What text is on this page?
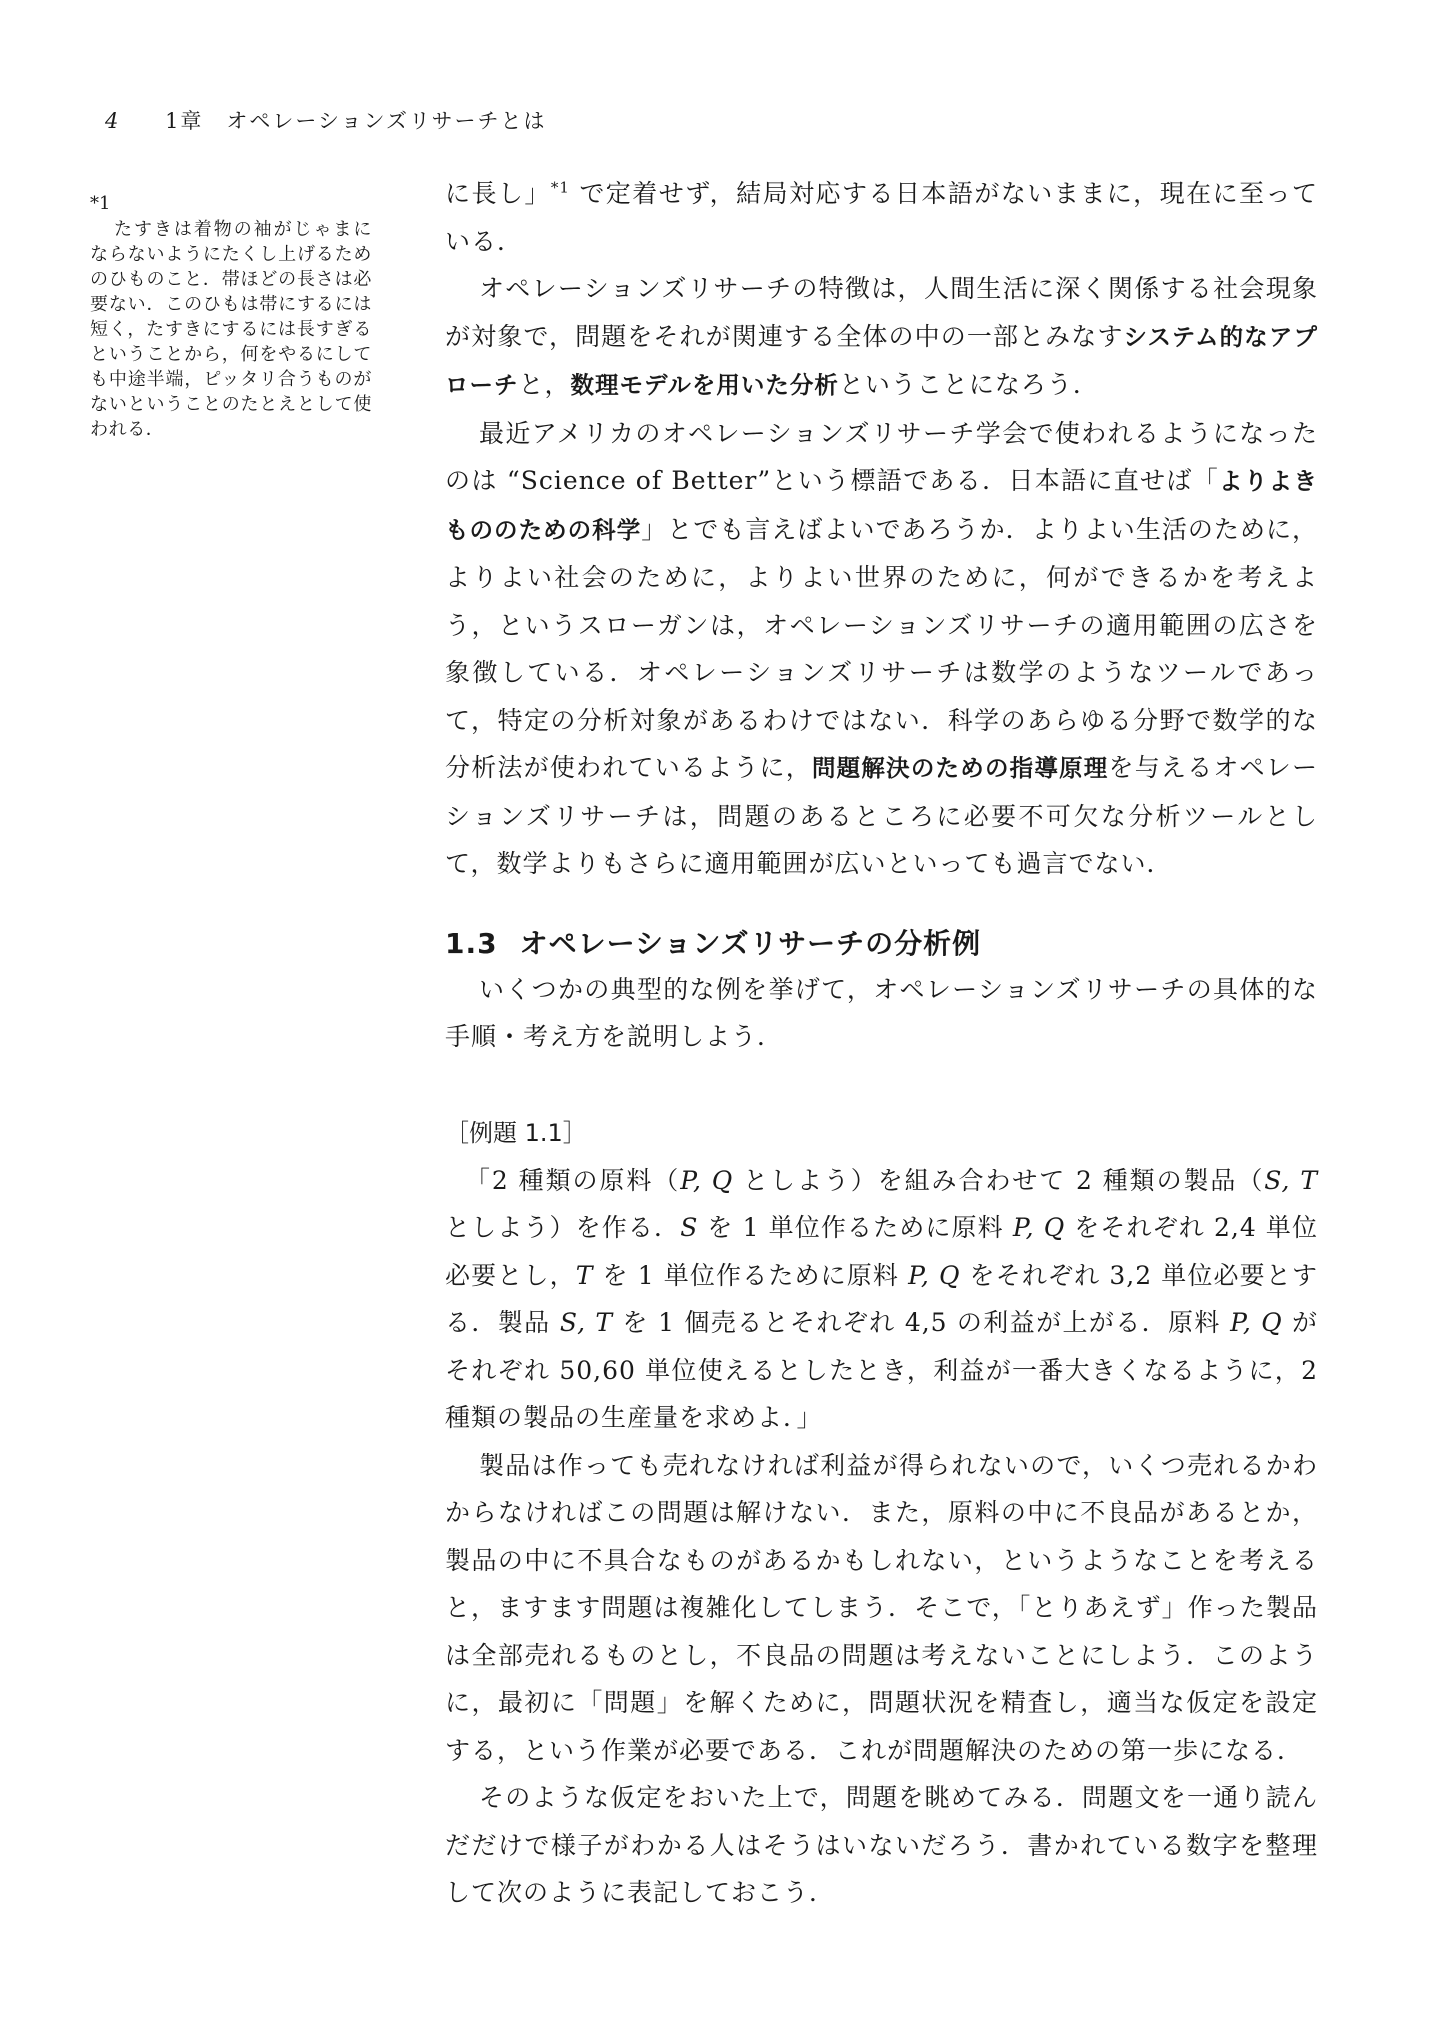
4 1章　オペレーションズリサーチとは
*1
たすきは着物の袖がじゃまにならないようにたくし上げるためのひものこと．帯ほどの長さは必要ない．このひもは帯にするには短く，たすきにするには長すぎるということから，何をやるにしても中途半端，ピッタリ合うものがないということのたとえとして使われる．

に長し」$^{*1}$ で定着せず，結局対応する日本語がないままに，現在に至っている．

オペレーションズリサーチの特徴は，人間生活に深く関係する社会現象が対象で，問題をそれが関連する全体の中の一部とみなすシステム的なアプローチと，数理モデルを用いた分析ということになろう．

最近アメリカのオペレーションズリサーチ学会で使われるようになったのは “Science of Better”という標語である．日本語に直せば「よりよきもののための科学」とでも言えばよいであろうか．よりよい生活のために，よりよい社会のために，よりよい世界のために，何ができるかを考えよう，というスローガンは，オペレーションズリサーチの適用範囲の広さを象徴している．オペレーションズリサーチは数学のようなツールであって，特定の分析対象があるわけではない．科学のあらゆる分野で数学的な分析法が使われているように，問題解決のための指導原理を与えるオペレーションズリサーチは，問題のあるところに必要不可欠な分析ツールとして，数学よりもさらに適用範囲が広いといっても過言でない．

1.3 オペレーションズリサーチの分析例

いくつかの典型的な例を挙げて，オペレーションズリサーチの具体的な手順・考え方を説明しよう．

［例題 1.1］

「2 種類の原料（P, Q としよう）を組み合わせて 2 種類の製品（S, T としよう）を作る．S を 1 単位作るために原料 P, Q をそれぞれ 2,4 単位必要とし，T を 1 単位作るために原料 P, Q をそれぞれ 3,2 単位必要とする．製品 S, T を 1 個売るとそれぞれ 4,5 の利益が上がる．原料 P, Q がそれぞれ 50,60 単位使えるとしたとき，利益が一番大きくなるように，2 種類の製品の生産量を求めよ．」

製品は作っても売れなければ利益が得られないので，いくつ売れるかわからなければこの問題は解けない．また，原料の中に不良品があるとか，製品の中に不具合なものがあるかもしれない，というようなことを考えると，ますます問題は複雑化してしまう．そこで，「とりあえず」作った製品は全部売れるものとし，不良品の問題は考えないことにしよう．このように，最初に「問題」を解くために，問題状況を精査し，適当な仮定を設定する，という作業が必要である．これが問題解決のための第一歩になる．

そのような仮定をおいた上で，問題を眺めてみる．問題文を一通り読んだだけで様子がわかる人はそうはいないだろう．書かれている数字を整理して次のように表記しておこう．
